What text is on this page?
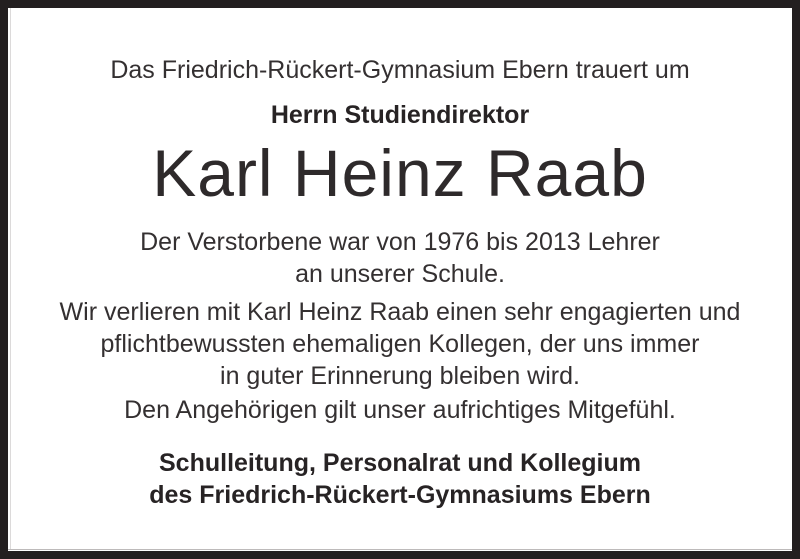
Das Friedrich-Rückert-Gymnasium Ebern trauert um
Herrn Studiendirektor
Karl Heinz Raab
Der Verstorbene war von 1976 bis 2013 Lehrer
an unserer Schule.
Wir verlieren mit Karl Heinz Raab einen sehr engagierten und
pflichtbewussten ehemaligen Kollegen, der uns immer
in guter Erinnerung bleiben wird.
Den Angehörigen gilt unser aufrichtiges Mitgefühl.
Schulleitung, Personalrat und Kollegium
des Friedrich-Rückert-Gymnasiums Ebern
